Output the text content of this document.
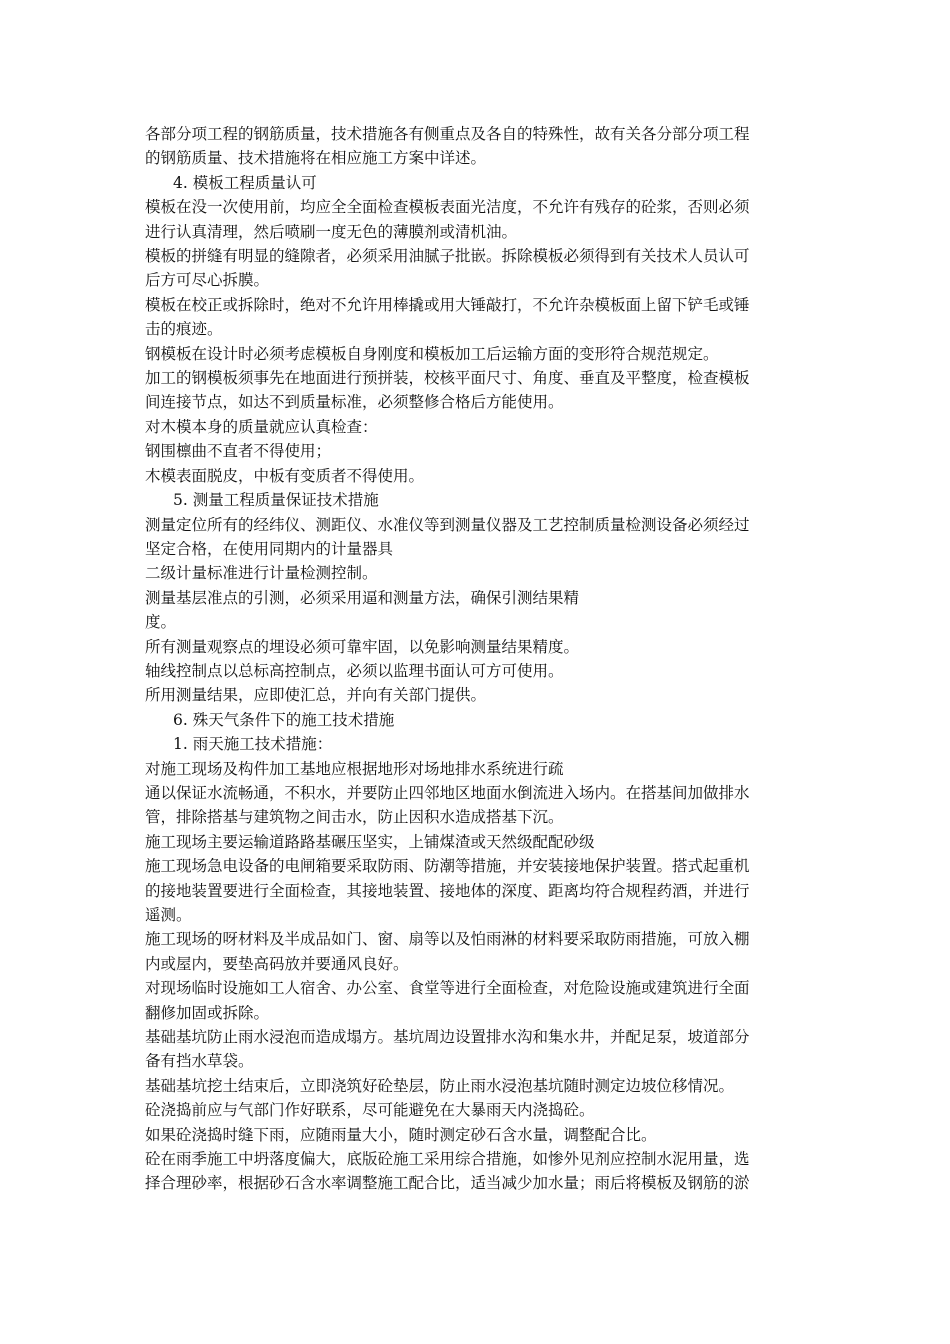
各部分项工程的钢筋质量，技术措施各有侧重点及各自的特殊性，故有关各分部分项工程
的钢筋质量、技术措施将在相应施工方案中详述。
4. 模板工程质量认可
模板在没一次使用前，均应全全面检查模板表面光洁度，不允许有残存的砼浆，否则必须
进行认真清理，然后喷刷一度无色的薄膜剂或清机油。
模板的拼缝有明显的缝隙者，必须采用油腻子批嵌。拆除模板必须得到有关技术人员认可
后方可尽心拆膜。
模板在校正或拆除时，绝对不允许用棒撬或用大锤敲打，不允许杂模板面上留下铲毛或锤
击的痕迹。
钢模板在设计时必须考虑模板自身刚度和模板加工后运输方面的变形符合规范规定。
加工的钢模板须事先在地面进行预拼装，校核平面尺寸、角度、垂直及平整度，检查模板
间连接节点，如达不到质量标准，必须整修合格后方能使用。
对木模本身的质量就应认真检查：
钢围檩曲不直者不得使用；
木模表面脱皮，中板有变质者不得使用。
5. 测量工程质量保证技术措施
测量定位所有的经纬仪、测距仪、水准仪等到测量仪器及工艺控制质量检测设备必须经过
坚定合格，在使用同期内的计量器具
二级计量标准进行计量检测控制。
测量基层准点的引测，必须采用逼和测量方法，确保引测结果精
度。
所有测量观察点的埋设必须可靠牢固，以免影响测量结果精度。
轴线控制点以总标高控制点，必须以监理书面认可方可使用。
所用测量结果，应即使汇总，并向有关部门提供。
6. 殊天气条件下的施工技术措施
1. 雨天施工技术措施：
对施工现场及构件加工基地应根据地形对场地排水系统进行疏
通以保证水流畅通，不积水，并要防止四邻地区地面水倒流进入场内。在搭基间加做排水
管，排除搭基与建筑物之间击水，防止因积水造成搭基下沉。
施工现场主要运输道路路基碾压坚实，上铺煤渣或天然级配配砂级
施工现场急电设备的电闸箱要采取防雨、防潮等措施，并安装接地保护装置。搭式起重机
的接地装置要进行全面检查，其接地装置、接地体的深度、距离均符合规程药酒，并进行
遥测。
施工现场的呀材料及半成品如门、窗、扇等以及怕雨淋的材料要采取防雨措施，可放入棚
内或屋内，要垫高码放并要通风良好。
对现场临时设施如工人宿舍、办公室、食堂等进行全面检查，对危险设施或建筑进行全面
翻修加固或拆除。
基础基坑防止雨水浸泡而造成塌方。基坑周边设置排水沟和集水井，并配足泵，坡道部分
备有挡水草袋。
基础基坑挖土结束后，立即浇筑好砼垫层，防止雨水浸泡基坑随时测定边坡位移情况。
砼浇捣前应与气部门作好联系，尽可能避免在大暴雨天内浇捣砼。
如果砼浇捣时缝下雨，应随雨量大小，随时测定砂石含水量，调整配合比。
砼在雨季施工中坍落度偏大，底版砼施工采用综合措施，如惨外见剂应控制水泥用量，选
择合理砂率，根据砂石含水率调整施工配合比，适当减少加水量；雨后将模板及钢筋的淤
